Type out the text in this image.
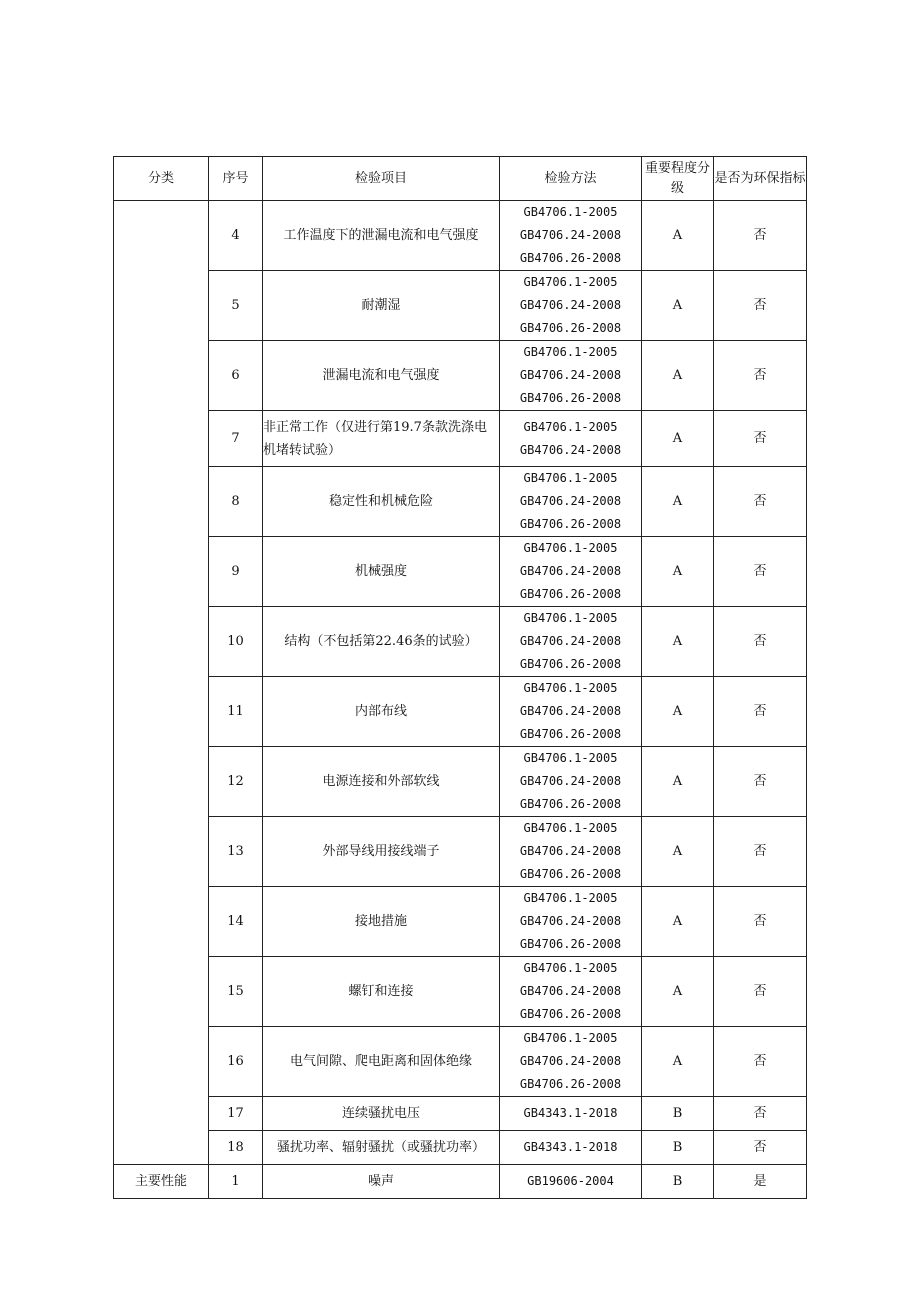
分类	序号	检验项目	检验方法	重要程度分级	是否为环保指标
	4	工作温度下的泄漏电流和电气强度	GB4706.1-2005
GB4706.24-2008
GB4706.26-2008	A	否
	5	耐潮湿	GB4706.1-2005
GB4706.24-2008
GB4706.26-2008	A	否
	6	泄漏电流和电气强度	GB4706.1-2005
GB4706.24-2008
GB4706.26-2008	A	否
	7	非正常工作（仅进行第19.7条款洗涤电机堵转试验）	GB4706.1-2005
GB4706.24-2008	A	否
	8	稳定性和机械危险	GB4706.1-2005
GB4706.24-2008
GB4706.26-2008	A	否
	9	机械强度	GB4706.1-2005
GB4706.24-2008
GB4706.26-2008	A	否
	10	结构（不包括第22.46条的试验）	GB4706.1-2005
GB4706.24-2008
GB4706.26-2008	A	否
	11	内部布线	GB4706.1-2005
GB4706.24-2008
GB4706.26-2008	A	否
	12	电源连接和外部软线	GB4706.1-2005
GB4706.24-2008
GB4706.26-2008	A	否
	13	外部导线用接线端子	GB4706.1-2005
GB4706.24-2008
GB4706.26-2008	A	否
	14	接地措施	GB4706.1-2005
GB4706.24-2008
GB4706.26-2008	A	否
	15	螺钉和连接	GB4706.1-2005
GB4706.24-2008
GB4706.26-2008	A	否
	16	电气间隙、爬电距离和固体绝缘	GB4706.1-2005
GB4706.24-2008
GB4706.26-2008	A	否
	17	连续骚扰电压	GB4343.1-2018	B	否
	18	骚扰功率、辐射骚扰（或骚扰功率）	GB4343.1-2018	B	否
主要性能	1	噪声	GB19606-2004	B	是
